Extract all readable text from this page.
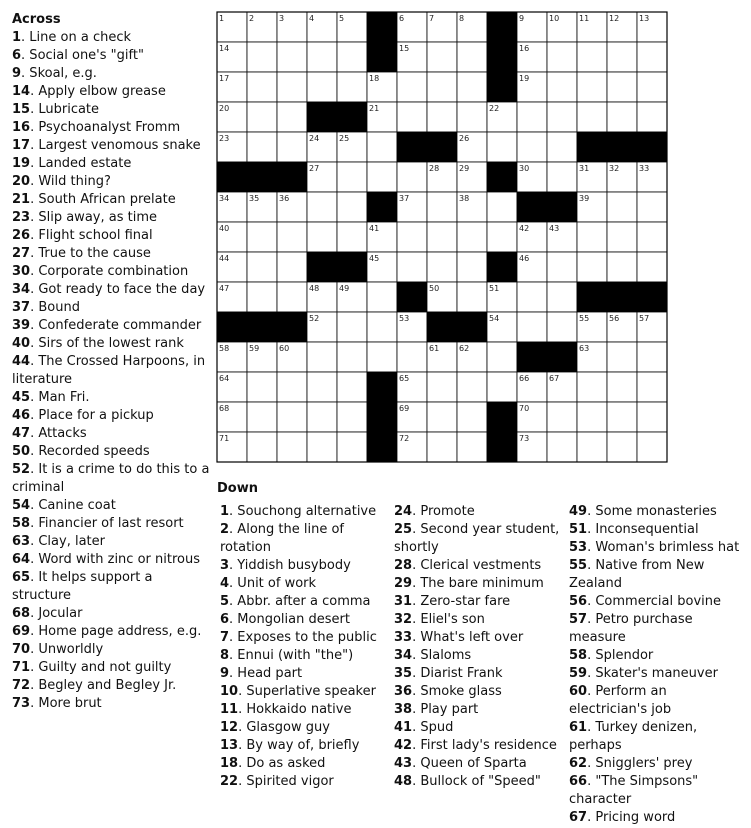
Across
1. Line on a check
6. Social one's "gift"
9. Skoal, e.g.
14. Apply elbow grease
15. Lubricate
16. Psychoanalyst Fromm
17. Largest venomous snake
19. Landed estate
20. Wild thing?
21. South African prelate
23. Slip away, as time
26. Flight school final
27. True to the cause
30. Corporate combination
34. Got ready to face the day
37. Bound
39. Confederate commander
40. Sirs of the lowest rank
44. The Crossed Harpoons, in literature
45. Man Fri.
46. Place for a pickup
47. Attacks
50. Recorded speeds
52. It is a crime to do this to a criminal
54. Canine coat
58. Financier of last resort
63. Clay, later
64. Word with zinc or nitrous
65. It helps support a structure
68. Jocular
69. Home page address, e.g.
70. Unworldly
71. Guilty and not guilty
72. Begley and Begley Jr.
73. More brut
1	2	3	4	5	6	7	8	9	10 11 12 13
14	15	16
17	18	19
20	21	22
23	24 25	26
27	28 29	30	31 32 33
34 35 36	37	38	39
40	41	42 43
44	45	46
47	48 49	50	51
52	53	54	55 56 57
58 59 60	61 62	63
64	65	66 67
68	69	70
71	72	73
Down
1. Souchong alternative
2. Along the line of rotation
3. Yiddish busybody
4. Unit of work
5. Abbr. after a comma
6. Mongolian desert
7. Exposes to the public
8. Ennui (with "the")
9. Head part
10. Superlative speaker
11. Hokkaido native
12. Glasgow guy
13. By way of, briefly
18. Do as asked
22. Spirited vigor
24. Promote
25. Second year student, shortly
28. Clerical vestments
29. The bare minimum
31. Zero-star fare
32. Eliel's son
33. What's left over
34. Slaloms
35. Diarist Frank
36. Smoke glass
38. Play part
41. Spud
42. First lady's residence
43. Queen of Sparta
48. Bullock of "Speed"
49. Some monasteries
51. Inconsequential
53. Woman's brimless hat
55. Native from New Zealand
56. Commercial bovine
57. Petro purchase measure
58. Splendor
59. Skater's maneuver
60. Perform an electrician's job
61. Turkey denizen, perhaps
62. Snigglers' prey
66. "The Simpsons" character
67. Pricing word
